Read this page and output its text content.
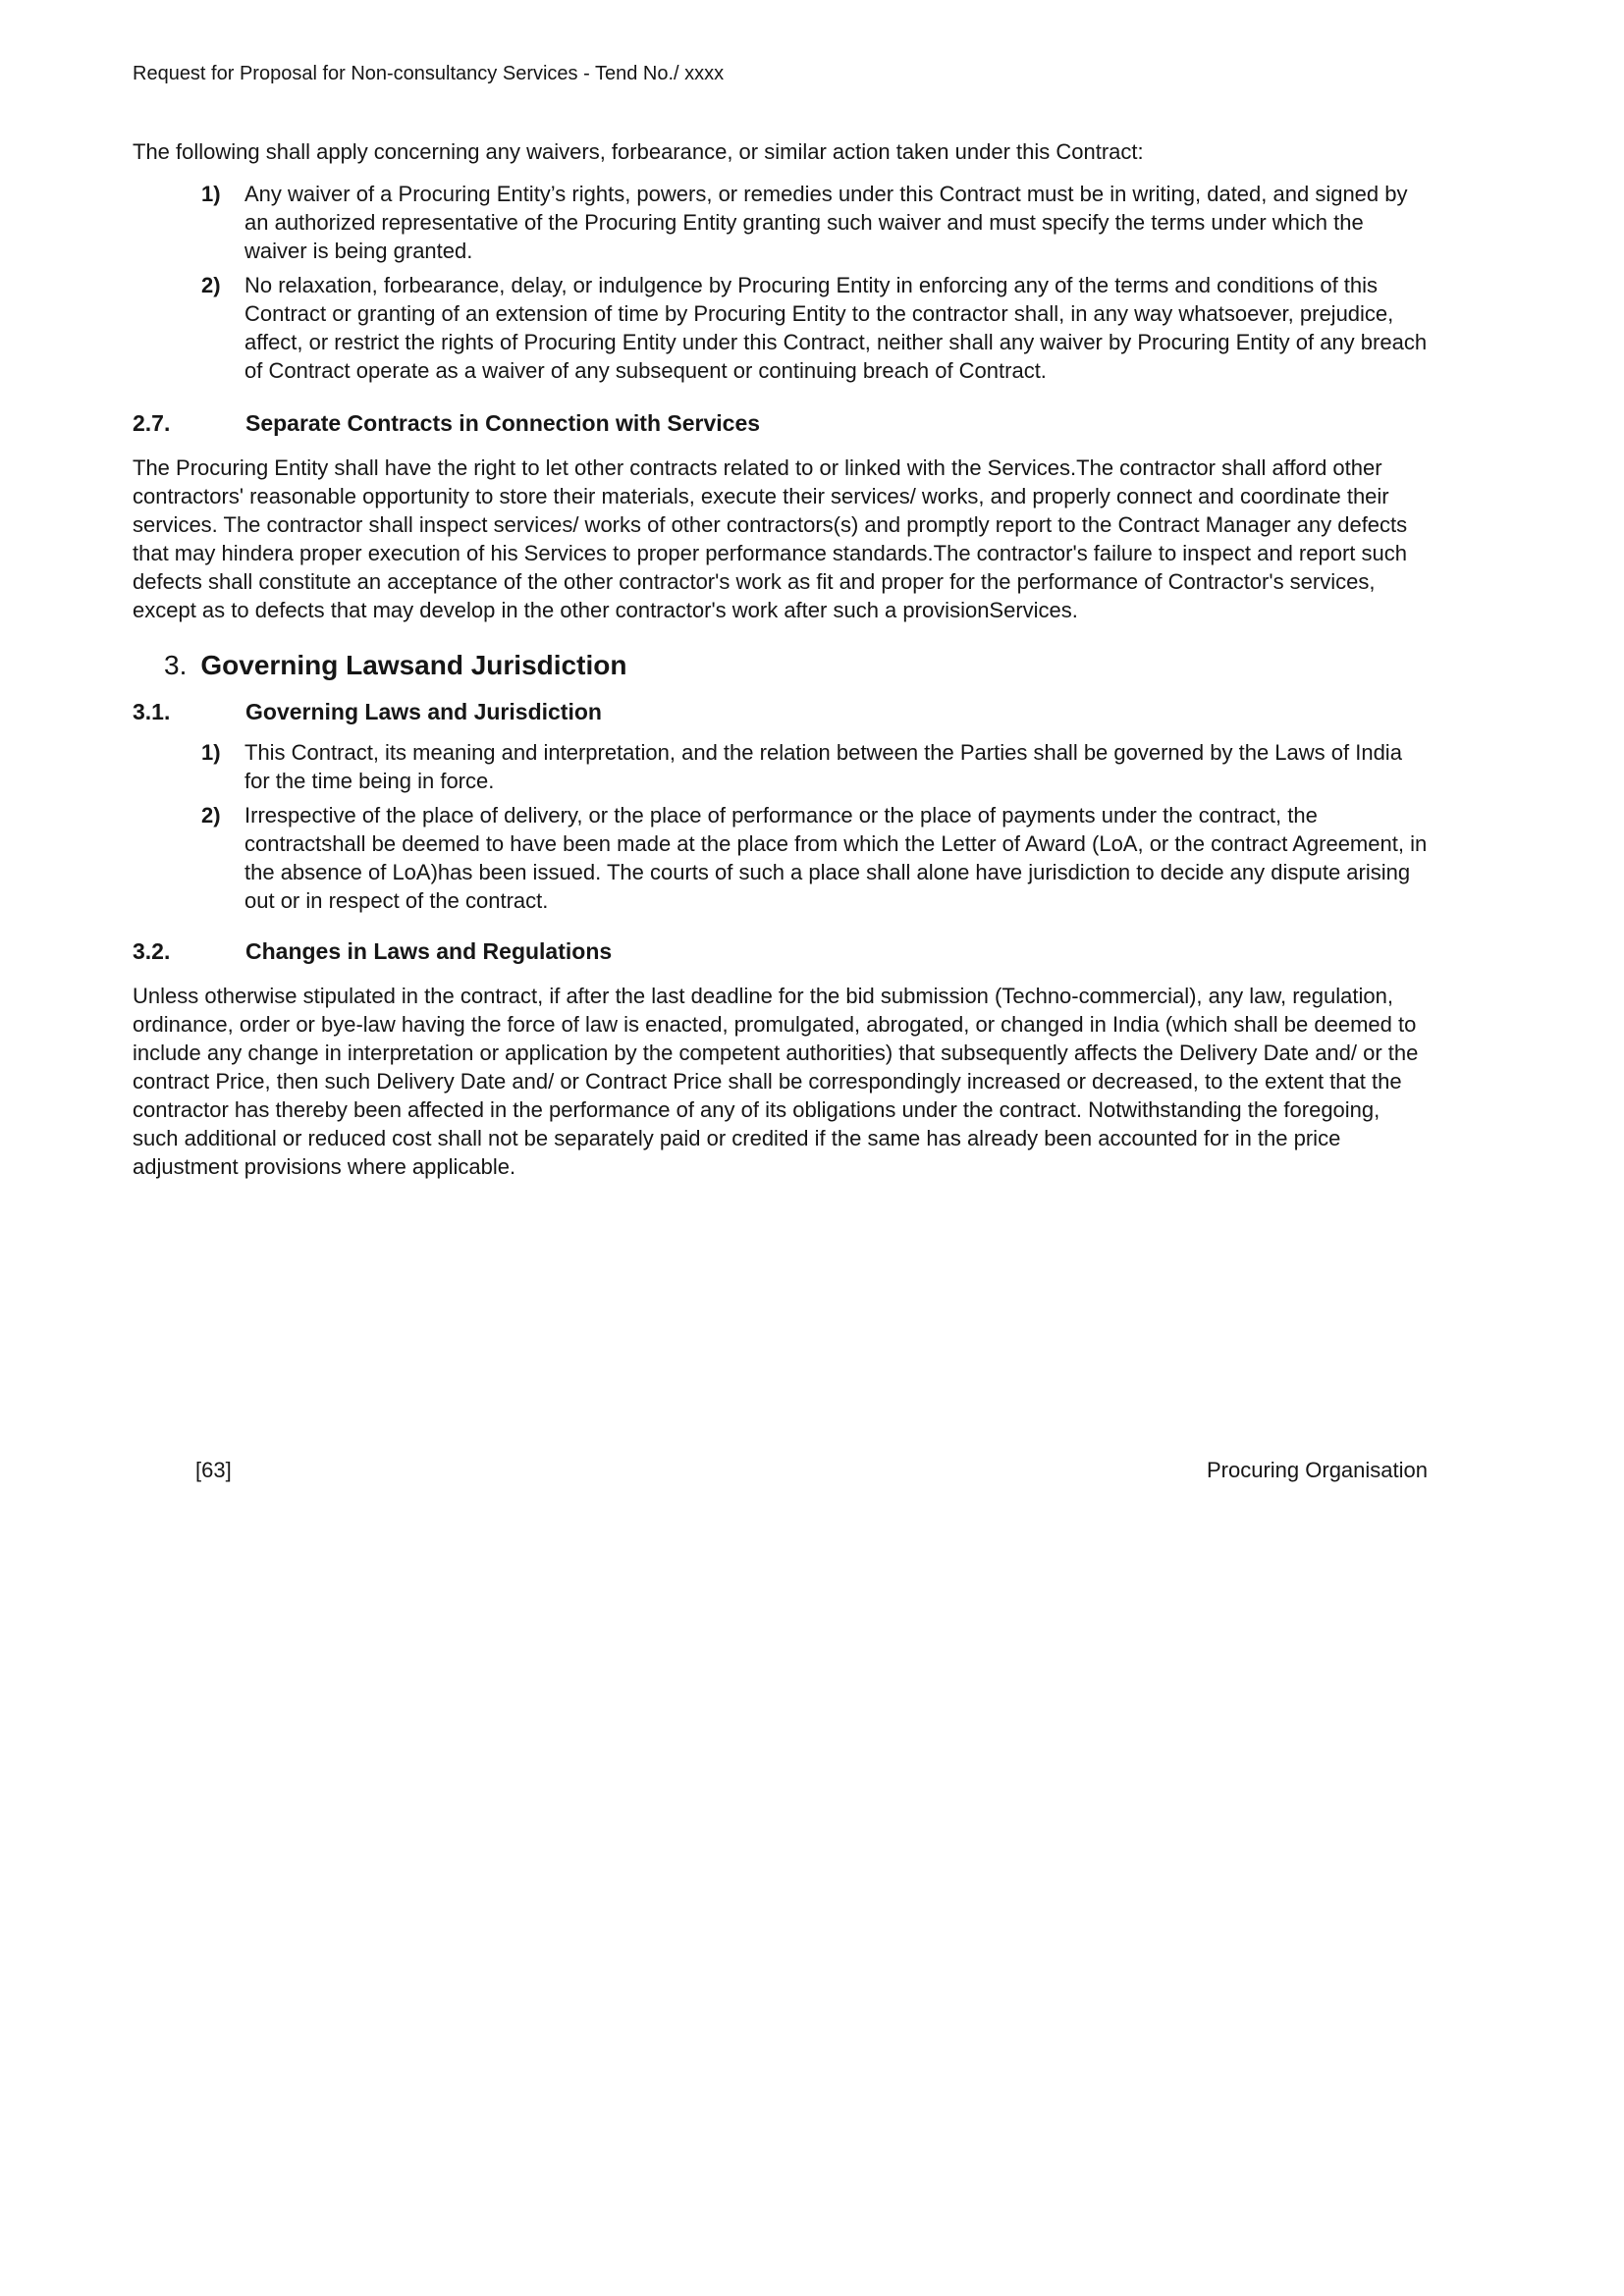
Request for Proposal for Non-consultancy Services - Tend No./ xxxx
The following shall apply concerning any waivers, forbearance, or similar action taken under this Contract:
1)	Any waiver of a Procuring Entity’s rights, powers, or remedies under this Contract must be in writing, dated, and signed by an authorized representative of the Procuring Entity granting such waiver and must specify the terms under which the waiver is being granted.
2)	No relaxation, forbearance, delay, or indulgence by Procuring Entity in enforcing any of the terms and conditions of this Contract or granting of an extension of time by Procuring Entity to the contractor shall, in any way whatsoever, prejudice, affect, or restrict the rights of Procuring Entity under this Contract, neither shall any waiver by Procuring Entity of any breach of Contract operate as a waiver of any subsequent or continuing breach of Contract.
2.7.	Separate Contracts in Connection with Services
The Procuring Entity shall have the right to let other contracts related to or linked with the Services.The contractor shall afford other contractors' reasonable opportunity to store their materials, execute their services/ works, and properly connect and coordinate their services. The contractor shall inspect services/ works of other contractors(s) and promptly report to the Contract Manager any defects that may hindera proper execution of his Services to proper performance standards.The contractor's failure to inspect and report such defects shall constitute an acceptance of the other contractor's work as fit and proper for the performance of Contractor's services, except as to defects that may develop in the other contractor's work after such a provisionServices.
3. Governing Lawsand Jurisdiction
3.1.	Governing Laws and Jurisdiction
1)	This Contract, its meaning and interpretation, and the relation between the Parties shall be governed by the Laws of India for the time being in force.
2)	Irrespective of the place of delivery, or the place of performance or the place of payments under the contract, the contractshall be deemed to have been made at the place from which the Letter of Award (LoA, or the contract Agreement, in the absence of LoA)has been issued. The courts of such a place shall alone have jurisdiction to decide any dispute arising out or in respect of the contract.
3.2.	Changes in Laws and Regulations
Unless otherwise stipulated in the contract, if after the last deadline for the bid submission (Techno-commercial), any law, regulation, ordinance, order or bye-law having the force of law is enacted, promulgated, abrogated, or changed in India (which shall be deemed to include any change in interpretation or application by the competent authorities) that subsequently affects the Delivery Date and/ or the contract Price, then such Delivery Date and/ or Contract Price shall be correspondingly increased or decreased, to the extent that the contractor has thereby been affected in the performance of any of its obligations under the contract. Notwithstanding the foregoing, such additional or reduced cost shall not be separately paid or credited if the same has already been accounted for in the price adjustment provisions where applicable.
[63]	Procuring Organisation
